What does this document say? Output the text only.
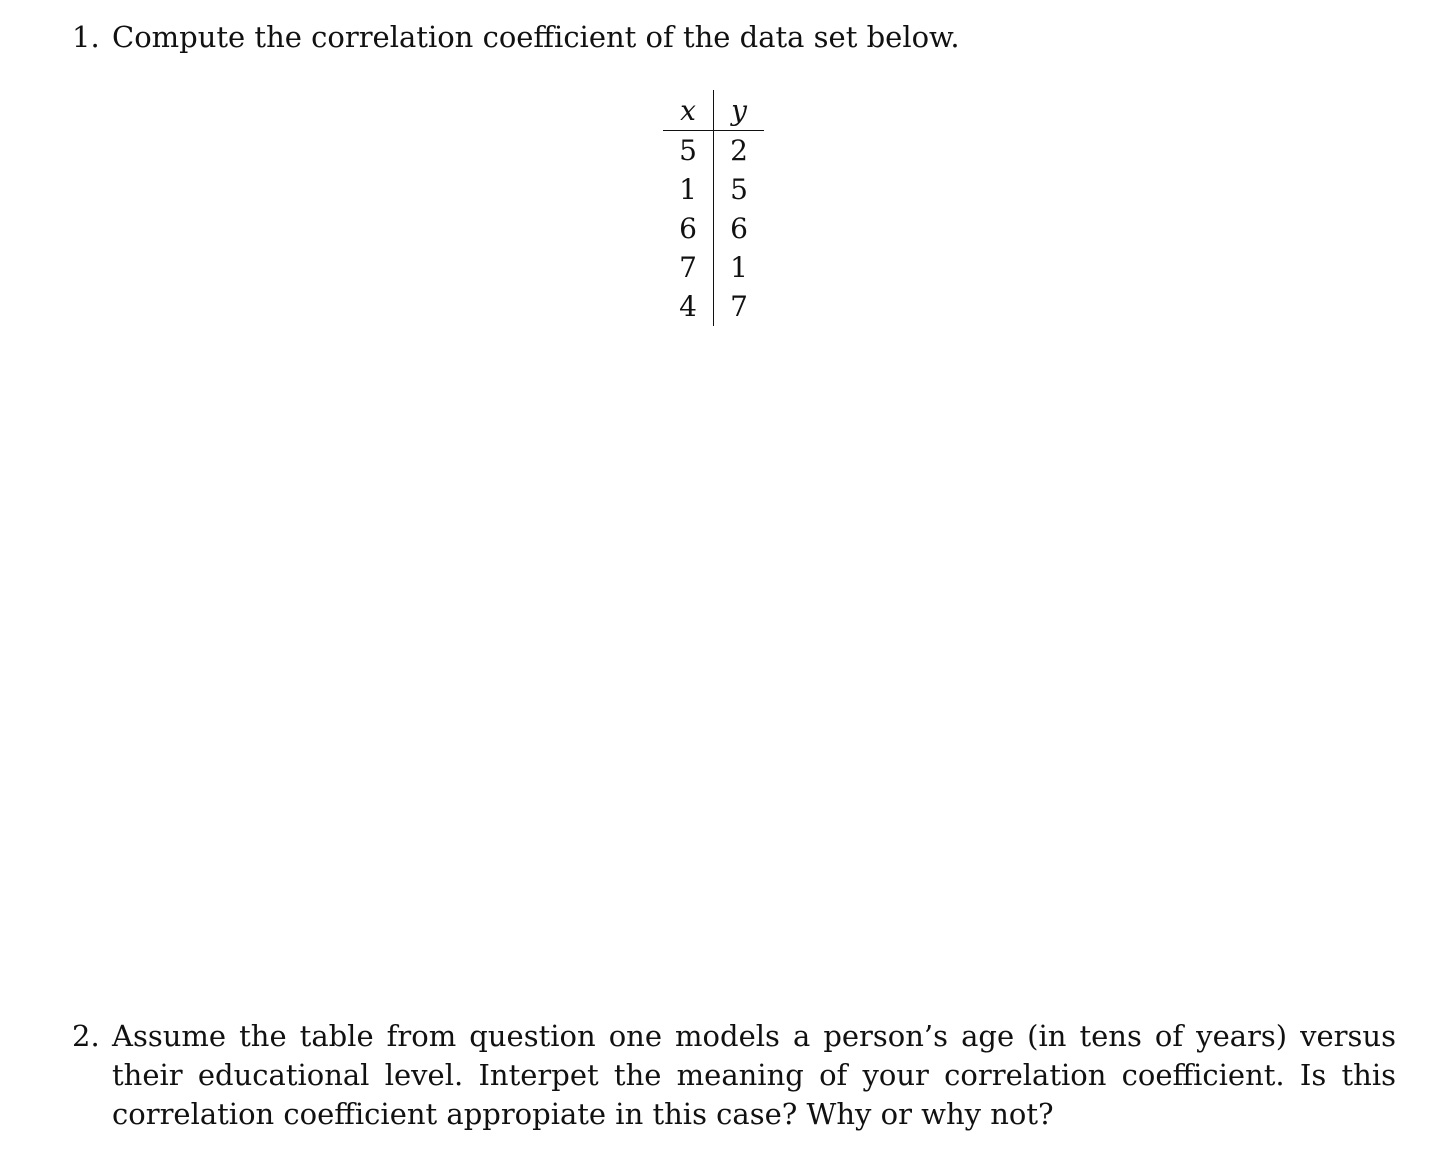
1. Compute the correlation coefficient of the data set below.
x	y
5	2
1	5
6	6
7	1
4	7
2. Assume the table from question one models a person’s age (in tens of years) versus their educational level. Interpet the meaning of your correlation coefficient. Is this correlation coefficient appropiate in this case? Why or why not?
